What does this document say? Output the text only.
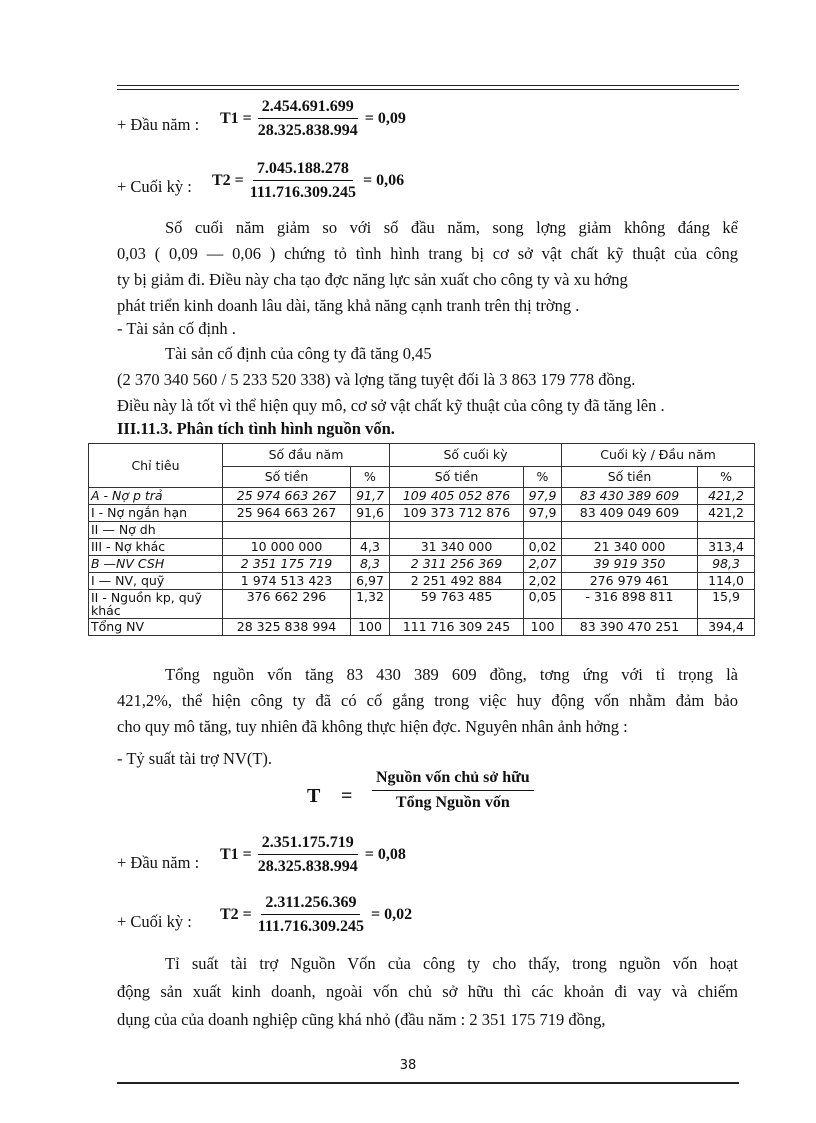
+ Đầu năm : $T1 = \frac{2.454.691.699}{28.325.838.994} = 0,09$
+ Cuối kỳ : $T2 = \frac{7.045.188.278}{111.716.309.245} = 0,06$
Số cuối năm giảm so với số đầu năm, song lợng giảm không đáng kể
0,03 ( 0,09 — 0,06 ) chứng tỏ tình hình trang bị cơ sở vật chất kỹ thuật của công
ty bị giảm đi. Điều này cha tạo đợc năng lực sản xuất cho công ty và xu hớng
phát triển kinh doanh lâu dài, tăng khả năng cạnh tranh trên thị trờng .
- Tài sản cố định .
Tài sản cố định của công ty đã tăng 0,45
(2 370 340 560 / 5 233 520 338) và lợng tăng tuyệt đối là 3 863 179 778 đồng.
Điều này là tốt vì thể hiện quy mô, cơ sở vật chất kỹ thuật của công ty đã tăng lên .
III.11.3. Phân tích tình hình nguồn vốn.
Chỉ tiêu	Số đầu năm		Số cuối kỳ		Cuối kỳ / Đầu năm	
	Số tiền	%	Số tiền	%	Số tiền	%
A - Nợ p trả	25 974 663 267	91,7	109 405 052 876	97,9	83 430 389 609	421,2
I - Nợ ngắn hạn	25 964 663 267	91,6	109 373 712 876	97,9	83 409 049 609	421,2
II — Nợ dh						
III - Nợ khác	10 000 000	4,3	31 340 000	0,02	21 340 000	313,4
B —NV CSH	2 351 175 719	8,3	2 311 256 369	2,07	39 919 350	98,3
I — NV, quỹ	1 974 513 423	6,97	2 251 492 884	2,02	276 979 461	114,0
II - Nguồn kp, quỹ khác	376 662 296	1,32	59 763 485	0,05	- 316 898 811	15,9
Tổng NV	28 325 838 994	100	111 716 309 245	100	83 390 470 251	394,4
Tổng nguồn vốn tăng 83 430 389 609 đồng, tơng ứng với tỉ trọng là
421,2%, thể hiện công ty đã có cố gắng trong việc huy động vốn nhằm đảm bảo
cho quy mô tăng, tuy nhiên đã không thực hiện đợc. Nguyên nhân ảnh hởng :
- Tỷ suất tài trợ NV(T).
T =
Nguồn vốn chủ sở hữu
Tổng Nguồn vốn
+ Đầu năm : $T1 = \frac{2.351.175.719}{28.325.838.994} = 0,08$
+ Cuối kỳ : $T2 = \frac{2.311.256.369}{111.716.309.245} = 0,02$
Tỉ suất tài trợ Nguồn Vốn của công ty cho thấy, trong nguồn vốn hoạt
động sản xuất kinh doanh, ngoài vốn chủ sở hữu thì các khoản đi vay và chiếm
dụng của của doanh nghiệp cũng khá nhỏ (đầu năm : 2 351 175 719 đồng,
38
